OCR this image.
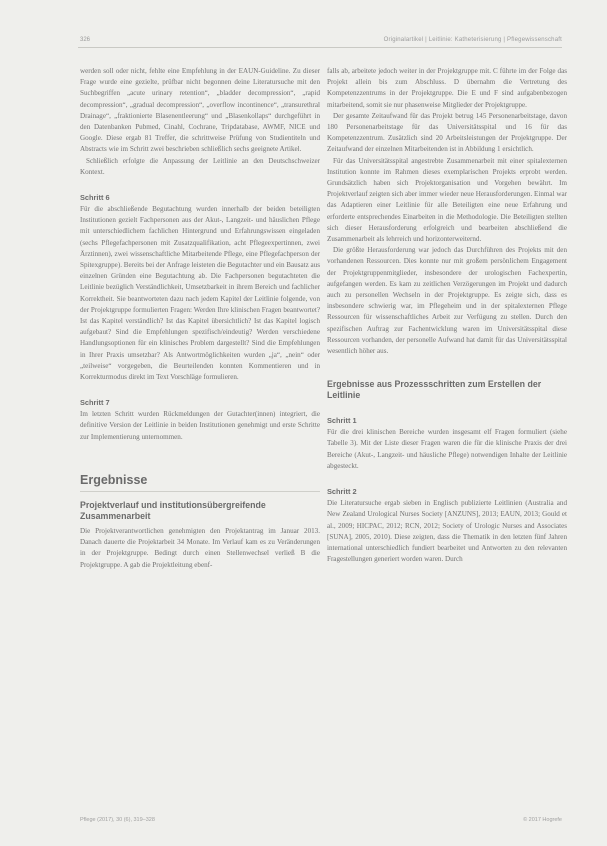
326	Originalartikel | Leitlinie: Katheterisierung | Pflegewissenschaft

werden soll oder nicht, fehlte eine Empfehlung in der EAUN-Guideline. Zu dieser Frage wurde eine gezielte, prüfbar nicht begonnen deine Literatursuche mit den Suchbegriffen „acute urinary retention“, „bladder decompression“, „rapid decompression“, „gradual decompression“, „overflow incontinence“, „transurethral Drainage“, „fraktionierte Blasenentleerung“ und „Blasenkollaps“ durchgeführt in den Datenbanken Pubmed, Cinahl, Cochrane, Tripdatabase, AWMF, NICE und Google. Diese ergab 81 Treffer, die schrittweise Prüfung von Studientiteln und Abstracts wie im Schritt zwei beschrieben schließlich sechs geeignete Artikel.

Schließlich erfolgte die Anpassung der Leitlinie an den Deutschschweizer Kontext.

Schritt 6

Für die abschließende Begutachtung wurden innerhalb der beiden beteiligten Institutionen gezielt Fachpersonen aus der Akut-, Langzeit- und häuslichen Pflege mit unterschiedlichem fachlichen Hintergrund und Erfahrungswissen eingeladen (sechs Pflegefachpersonen mit Zusatzqualifikation, acht Pflegeexpertinnen, zwei Ärztinnen), zwei wissenschaftliche Mitarbeitende Pflege, eine Pflegefachperson der Spitexgruppe). Bereits bei der Anfrage leisteten die Begutachter und ein Bausatz aus einzelnen Gründen eine Begutachtung ab. Die Fachpersonen begutachteten die Leitlinie bezüglich Verständlichkeit, Umsetzbarkeit in ihrem Bereich und fachlicher Korrektheit. Sie beantworteten dazu nach jedem Kapitel der Leitlinie folgende, von der Projektgruppe formulierten Fragen: Werden Ihre klinischen Fragen beantwortet? Ist das Kapitel verständlich? Ist das Kapitel übersichtlich? Ist das Kapitel logisch aufgebaut? Sind die Empfehlungen spezifisch/eindeutig? Werden verschiedene Handlungsoptionen für ein klinisches Problem dargestellt? Sind die Empfehlungen in Ihrer Praxis umsetzbar? Als Antwortmöglichkeiten wurden „ja“, „nein“ oder „teilweise“ vorgegeben, die Beurteilenden konnten Kommentieren und in Korrekturmodus direkt im Text Vorschläge formulieren.

Schritt 7

Im letzten Schritt wurden Rückmeldungen der Gutachter(innen) integriert, die definitive Version der Leitlinie in beiden Institutionen genehmigt und erste Schritte zur Implementierung unternommen.

Ergebnisse
Projektverlauf und institutionsübergreifende Zusammenarbeit

Die Projektverantwortlichen genehmigten den Projektantrag im Januar 2013. Danach dauerte die Projektarbeit 34 Monate. Im Verlauf kam es zu Veränderungen in der Projektgruppe. Bedingt durch einen Stellenwechsel verließ B die Projektgruppe. A gab die Projektleitung ebenf-

falls ab, arbeitete jedoch weiter in der Projektgruppe mit. C führte im der Folge das Projekt allein bis zum Abschluss. D übernahm die Vertretung des Kompetenzzentrums in der Projektgruppe. Die E und F sind aufgabenbezogen mitarbeitend, somit sie nur phasenweise Mitglieder der Projektgruppe.

Der gesamte Zeitaufwand für das Projekt betrug 145 Personenarbeitstage, davon 180 Personenarbeitstage für das Universitätsspital und 16 für das Kompetenzzentrum. Zusätzlich sind 20 Arbeitsleistungen der Projektgruppe. Der Zeitaufwand der einzelnen Mitarbeitenden ist in Abbildung 1 ersichtlich.

Für das Universitätsspital angestrebte Zusammenarbeit mit einer spitalexternen Institution konnte im Rahmen dieses exemplarischen Projekts erprobt werden. Grundsätzlich haben sich Projektorganisation und Vorgehen bewährt. Im Projektverlauf zeigten sich aber immer wieder neue Herausforderungen. Einmal war das Adaptieren einer Leitlinie für alle Beteiligten eine neue Erfahrung und erforderte entsprechendes Einarbeiten in die Methodologie. Die Beteiligten stellten sich dieser Herausforderung erfolgreich und bearbeiten abschließend die Zusammenarbeit als lehrreich und horizonterweiternd.

Die größte Herausforderung war jedoch das Durchführen des Projekts mit den vorhandenen Ressourcen. Dies konnte nur mit großem persönlichem Engagement der Projektgruppenmitglieder, insbesondere der urologischen Fachexpertin, aufgefangen werden. Es kam zu zeitlichen Verzögerungen im Projekt und dadurch auch zu personellen Wechseln in der Projektgruppe. Es zeigte sich, dass es insbesondere schwierig war, im Pflegeheim und in der spitalexternen Pflege Ressourcen für wissenschaftliches Arbeit zur Verfügung zu stellen. Durch den spezifischen Auftrag zur Fachentwicklung waren im Universitätsspital diese Ressourcen vorhanden, der personelle Aufwand hat damit für das Universitätsspital wesentlich höher aus.

Ergebnisse aus Prozessschritten zum Erstellen der Leitlinie
Schritt 1

Für die drei klinischen Bereiche wurden insgesamt elf Fragen formuliert (siehe Tabelle 3). Mit der Liste dieser Fragen waren die für die klinische Praxis der drei Bereiche (Akut-, Langzeit- und häusliche Pflege) notwendigen Inhalte der Leitlinie abgesteckt.

Schritt 2

Die Literatursuche ergab sieben in Englisch publizierte Leitlinien (Australia and New Zealand Urological Nurses Society [ANZUNS], 2013; EAUN, 2013; Gould et al., 2009; HICPAC, 2012; RCN, 2012; Society of Urologic Nurses and Associates [SUNA], 2005, 2010). Diese zeigten, dass die Thematik in den letzten fünf Jahren international unterschiedlich fundiert bearbeitet und Antworten zu den relevanten Fragestellungen generiert worden waren. Durch

Pflege (2017), 30 (6), 319–328	© 2017 Hogrefe
